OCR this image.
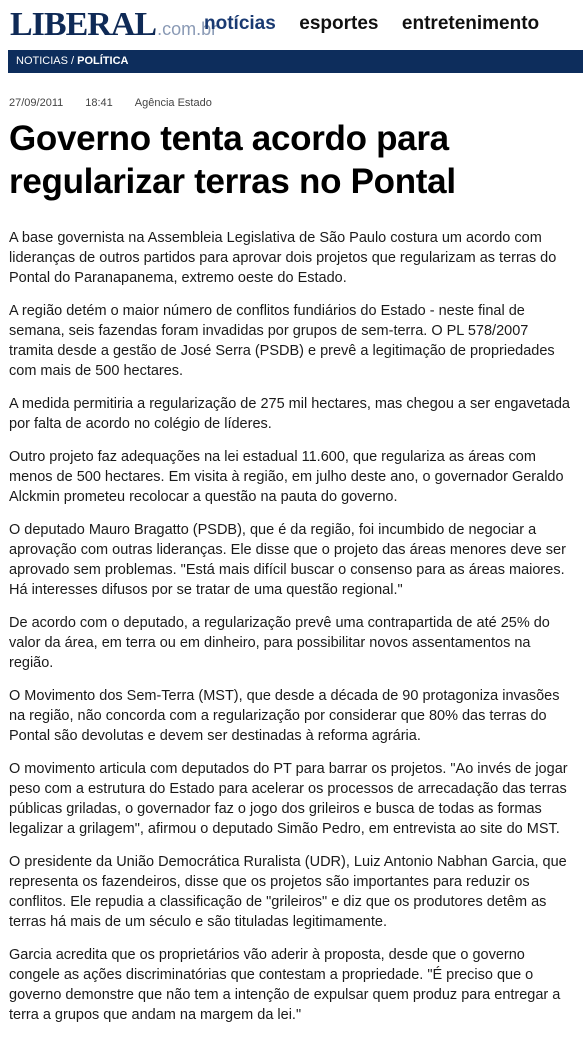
LIBERAL.com.br
notícias esportes entretenimento
NOTICIAS / POLÍTICA
27/09/2011 18:41 Agência Estado
Governo tenta acordo para regularizar terras no Pontal

A base governista na Assembleia Legislativa de São Paulo costura um acordo com lideranças de outros partidos para aprovar dois projetos que regularizam as terras do Pontal do Paranapanema, extremo oeste do Estado.

A região detém o maior número de conflitos fundiários do Estado - neste final de semana, seis fazendas foram invadidas por grupos de sem-terra. O PL 578/2007 tramita desde a gestão de José Serra (PSDB) e prevê a legitimação de propriedades com mais de 500 hectares.

A medida permitiria a regularização de 275 mil hectares, mas chegou a ser engavetada por falta de acordo no colégio de líderes.

Outro projeto faz adequações na lei estadual 11.600, que regulariza as áreas com menos de 500 hectares. Em visita à região, em julho deste ano, o governador Geraldo Alckmin prometeu recolocar a questão na pauta do governo.

O deputado Mauro Bragatto (PSDB), que é da região, foi incumbido de negociar a aprovação com outras lideranças. Ele disse que o projeto das áreas menores deve ser aprovado sem problemas. "Está mais difícil buscar o consenso para as áreas maiores. Há interesses difusos por se tratar de uma questão regional."

De acordo com o deputado, a regularização prevê uma contrapartida de até 25% do valor da área, em terra ou em dinheiro, para possibilitar novos assentamentos na região.

O Movimento dos Sem-Terra (MST), que desde a década de 90 protagoniza invasões na região, não concorda com a regularização por considerar que 80% das terras do Pontal são devolutas e devem ser destinadas à reforma agrária.

O movimento articula com deputados do PT para barrar os projetos. "Ao invés de jogar peso com a estrutura do Estado para acelerar os processos de arrecadação das terras públicas griladas, o governador faz o jogo dos grileiros e busca de todas as formas legalizar a grilagem", afirmou o deputado Simão Pedro, em entrevista ao site do MST.

O presidente da União Democrática Ruralista (UDR), Luiz Antonio Nabhan Garcia, que representa os fazendeiros, disse que os projetos são importantes para reduzir os conflitos. Ele repudia a classificação de "grileiros" e diz que os produtores detêm as terras há mais de um século e são tituladas legitimamente.

Garcia acredita que os proprietários vão aderir à proposta, desde que o governo congele as ações discriminatórias que contestam a propriedade. "É preciso que o governo demonstre que não tem a intenção de expulsar quem produz para entregar a terra a grupos que andam na margem da lei."
